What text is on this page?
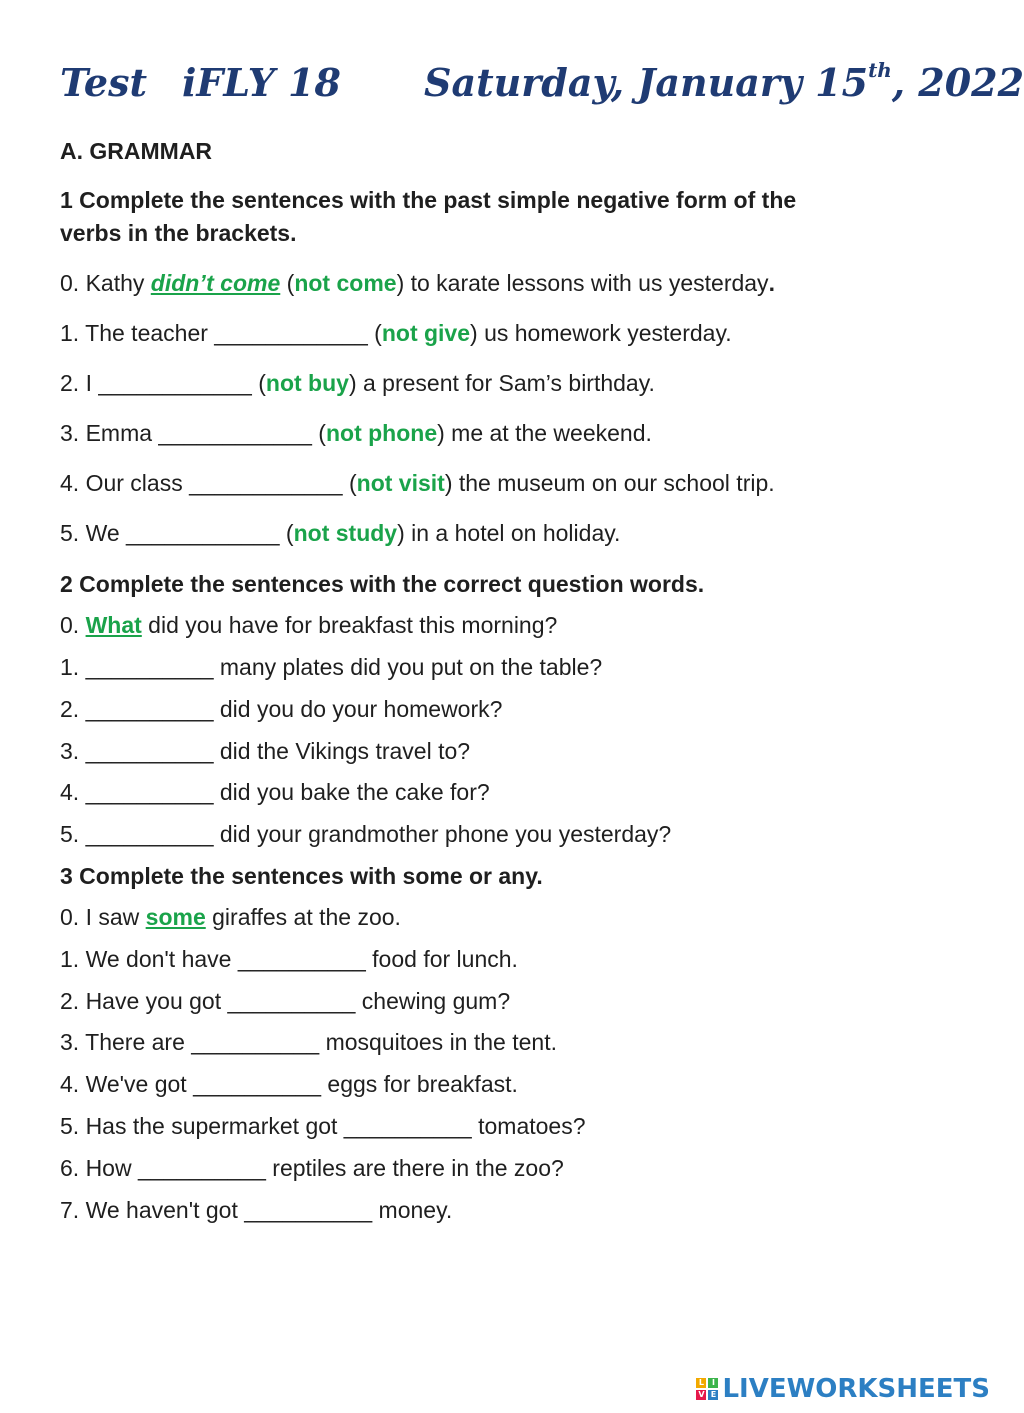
Test iFLY 18 Saturday, January 15th, 2022
A. GRAMMAR
1 Complete the sentences with the past simple negative form of the
verbs in the brackets.
0. Kathy didn’t come (not come) to karate lessons with us yesterday.
1. The teacher ____________ (not give) us homework yesterday.
2. I ____________ (not buy) a present for Sam’s birthday.
3. Emma ____________ (not phone) me at the weekend.
4. Our class ____________ (not visit) the museum on our school trip.
5. We ____________ (not study) in a hotel on holiday.
2 Complete the sentences with the correct question words.
0. What did you have for breakfast this morning?
1. __________ many plates did you put on the table?
2. __________ did you do your homework?
3. __________ did the Vikings travel to?
4. __________ did you bake the cake for?
5. __________ did your grandmother phone you yesterday?
3 Complete the sentences with some or any.
0. I saw some giraffes at the zoo.
1. We don't have __________ food for lunch.
2. Have you got __________ chewing gum?
3. There are __________ mosquitoes in the tent.
4. We've got __________ eggs for breakfast.
5. Has the supermarket got __________ tomatoes?
6. How __________ reptiles are there in the zoo?
7. We haven't got __________ money.
L I
V E LIVEWORKSHEETS
